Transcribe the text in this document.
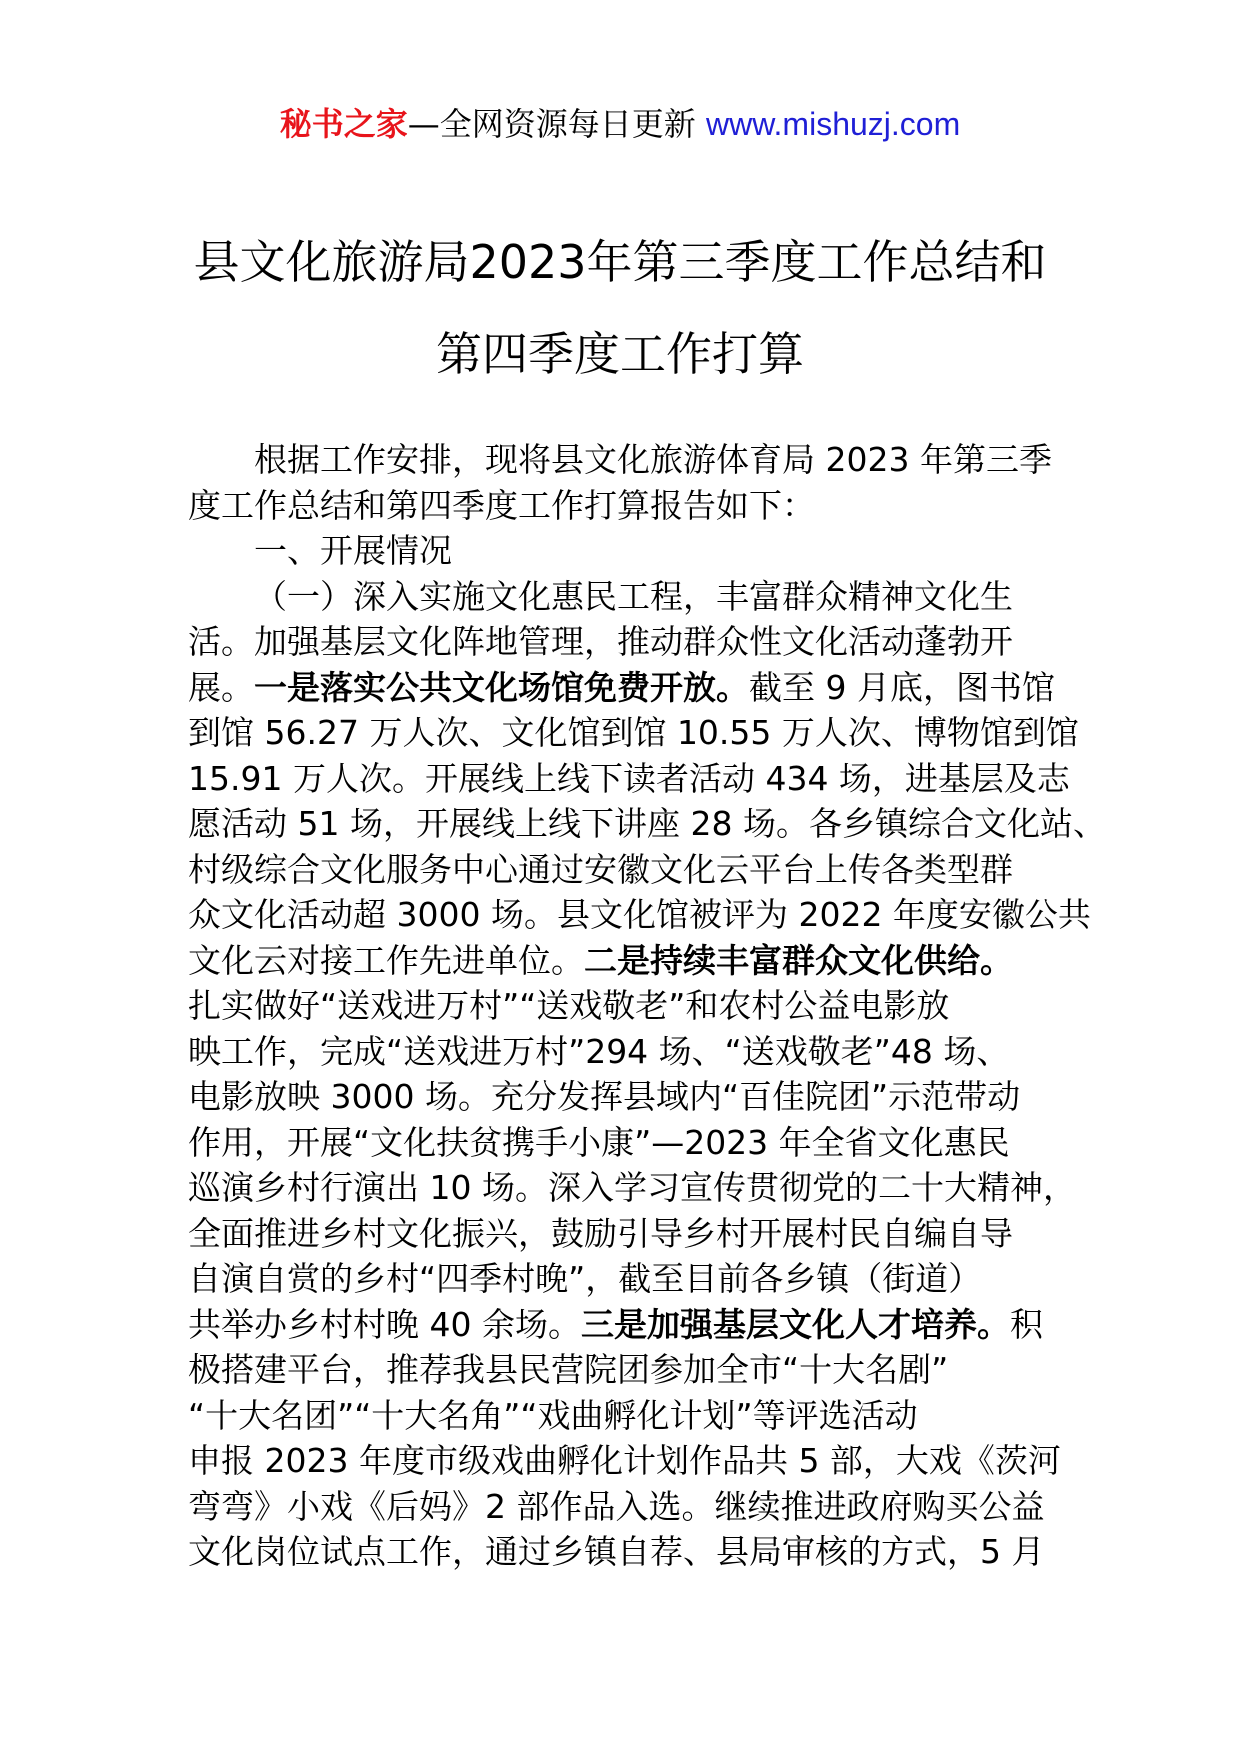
秘书之家—全网资源每日更新 www.mishuzj.com
县文化旅游局2023年第三季度工作总结和
第四季度工作打算
根据工作安排，现将县文化旅游体育局 2023 年第三季
度工作总结和第四季度工作打算报告如下：
一、开展情况
（一）深入实施文化惠民工程，丰富群众精神文化生
活。加强基层文化阵地管理，推动群众性文化活动蓬勃开
展。一是落实公共文化场馆免费开放。截至 9 月底，图书馆
到馆 56.27 万人次、文化馆到馆 10.55 万人次、博物馆到馆
15.91 万人次。开展线上线下读者活动 434 场，进基层及志
愿活动 51 场，开展线上线下讲座 28 场。各乡镇综合文化站、
村级综合文化服务中心通过安徽文化云平台上传各类型群
众文化活动超 3000 场。县文化馆被评为 2022 年度安徽公共
文化云对接工作先进单位。二是持续丰富群众文化供给。
扎实做好“送戏进万村”“送戏敬老”和农村公益电影放
映工作，完成“送戏进万村”294 场、“送戏敬老”48 场、
电影放映 3000 场。充分发挥县域内“百佳院团”示范带动
作用，开展“文化扶贫携手小康”—2023 年全省文化惠民
巡演乡村行演出 10 场。深入学习宣传贯彻党的二十大精神，
全面推进乡村文化振兴，鼓励引导乡村开展村民自编自导
自演自赏的乡村“四季村晚”，截至目前各乡镇（街道）
共举办乡村村晚 40 余场。三是加强基层文化人才培养。积
极搭建平台，推荐我县民营院团参加全市“十大名剧”
“十大名团”“十大名角”“戏曲孵化计划”等评选活动
申报 2023 年度市级戏曲孵化计划作品共 5 部，大戏《茨河
弯弯》小戏《后妈》2 部作品入选。继续推进政府购买公益
文化岗位试点工作，通过乡镇自荐、县局审核的方式，5 月
